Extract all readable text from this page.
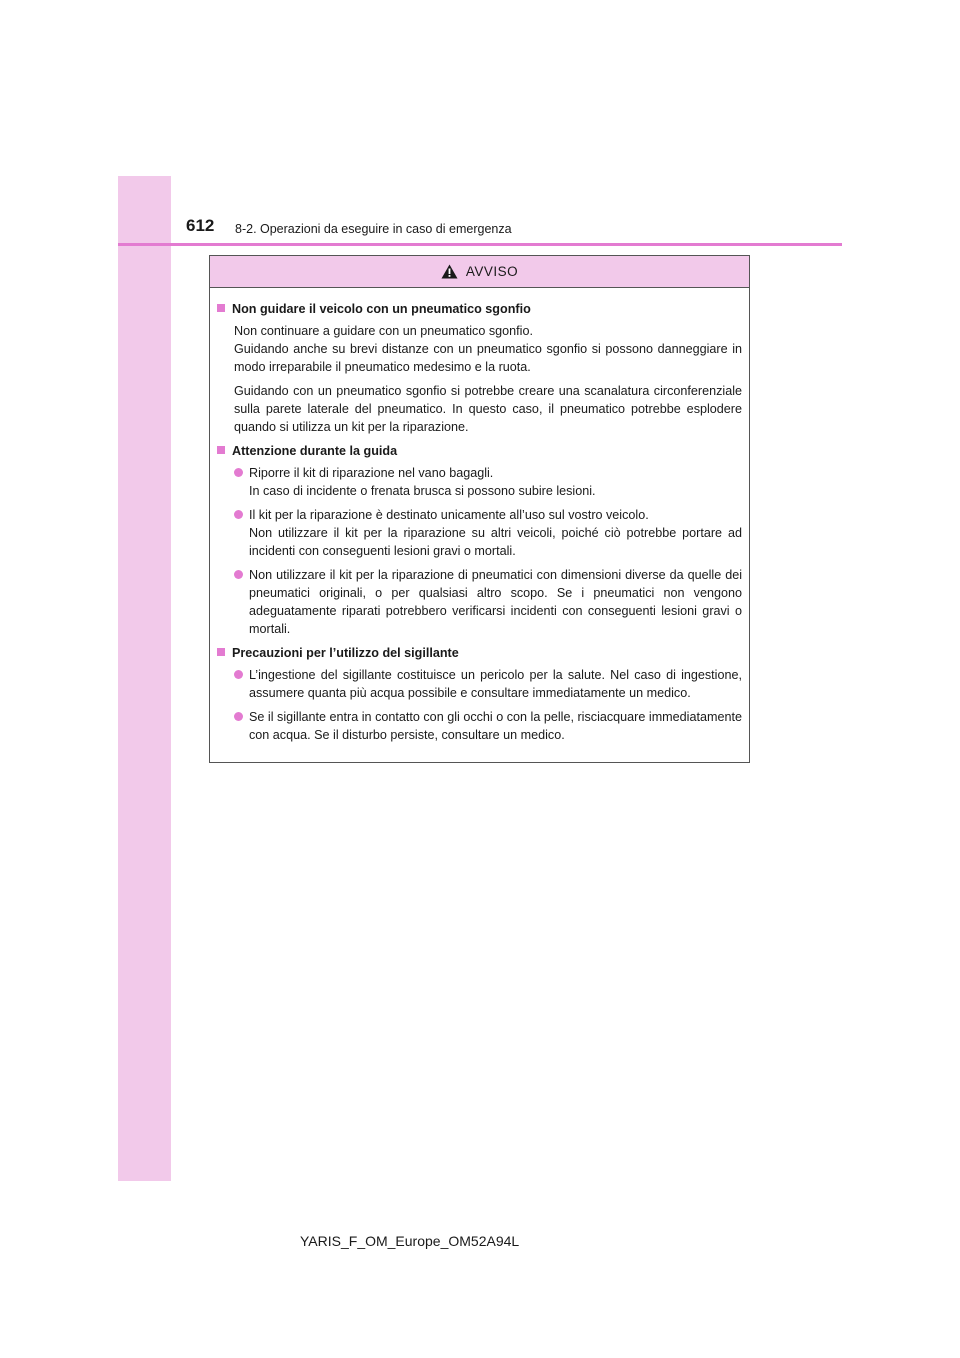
612 8-2. Operazioni da eseguire in caso di emergenza
AVVISO
Non guidare il veicolo con un pneumatico sgonfio
Non continuare a guidare con un pneumatico sgonfio.
Guidando anche su brevi distanze con un pneumatico sgonfio si possono danneggiare in modo irreparabile il pneumatico medesimo e la ruota.
Guidando con un pneumatico sgonfio si potrebbe creare una scanalatura circonferenziale sulla parete laterale del pneumatico. In questo caso, il pneumatico potrebbe esplodere quando si utilizza un kit per la riparazione.
Attenzione durante la guida
Riporre il kit di riparazione nel vano bagagli.
In caso di incidente o frenata brusca si possono subire lesioni.
Il kit per la riparazione è destinato unicamente all’uso sul vostro veicolo.
Non utilizzare il kit per la riparazione su altri veicoli, poiché ciò potrebbe portare ad incidenti con conseguenti lesioni gravi o mortali.
Non utilizzare il kit per la riparazione di pneumatici con dimensioni diverse da quelle dei pneumatici originali, o per qualsiasi altro scopo. Se i pneumatici non vengono adeguatamente riparati potrebbero verificarsi incidenti con conseguenti lesioni gravi o mortali.
Precauzioni per l’utilizzo del sigillante
L’ingestione del sigillante costituisce un pericolo per la salute. Nel caso di ingestione, assumere quanta più acqua possibile e consultare immediatamente un medico.
Se il sigillante entra in contatto con gli occhi o con la pelle, risciacquare immediatamente con acqua. Se il disturbo persiste, consultare un medico.
YARIS_F_OM_Europe_OM52A94L
